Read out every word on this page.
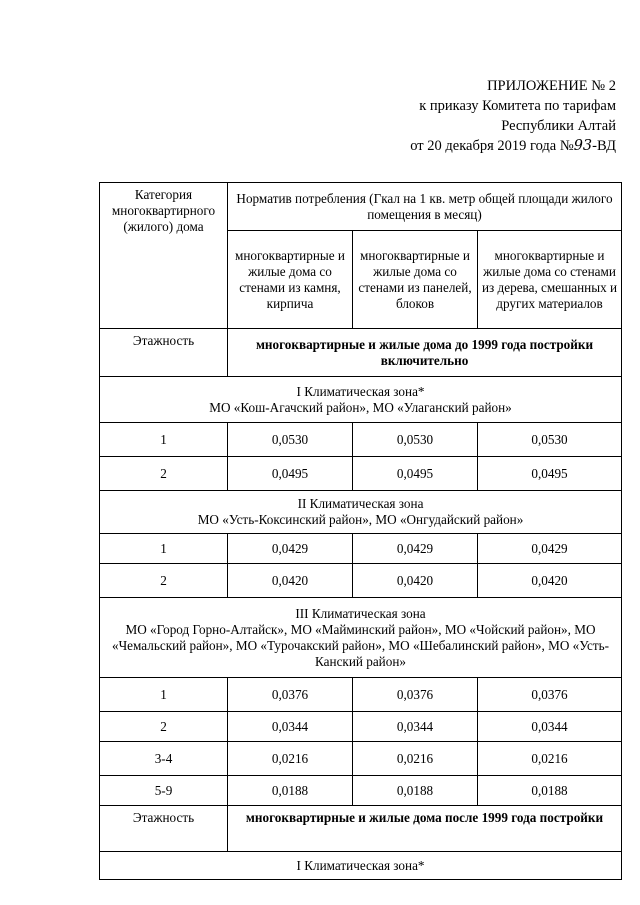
ПРИЛОЖЕНИЕ № 2
к приказу Комитета по тарифам
Республики Алтай
от 20 декабря 2019 года №93-ВД
Категория многоквартирного (жилого) дома	Норматив потребления (Гкал на 1 кв. метр общей площади жилого помещения в месяц)		
	многоквартирные и жилые дома со стенами из камня, кирпича	многоквартирные и жилые дома со стенами из панелей, блоков	многоквартирные и жилые дома со стенами из дерева, смешанных и других материалов
Этажность	многоквартирные и жилые дома до 1999 года постройки включительно		

I Климатическая зона*
МО «Кош-Агачский район», МО «Улаганский район»			

1	0,0530	0,0530	0,0530
2	0,0495	0,0495	0,0495

II Климатическая зона
МО «Усть-Коксинский район», МО «Онгудайский район»			

1	0,0429	0,0429	0,0429
2	0,0420	0,0420	0,0420

III Климатическая зона
МО «Город Горно-Алтайск», МО «Майминский район», МО «Чойский район», МО «Чемальский район», МО «Турочакский район», МО «Шебалинский район», МО «Усть-Канский район»			

1	0,0376	0,0376	0,0376
2	0,0344	0,0344	0,0344
3-4	0,0216	0,0216	0,0216
5-9	0,0188	0,0188	0,0188
Этажность	многоквартирные и жилые дома после 1999 года постройки		
I Климатическая зона*			
